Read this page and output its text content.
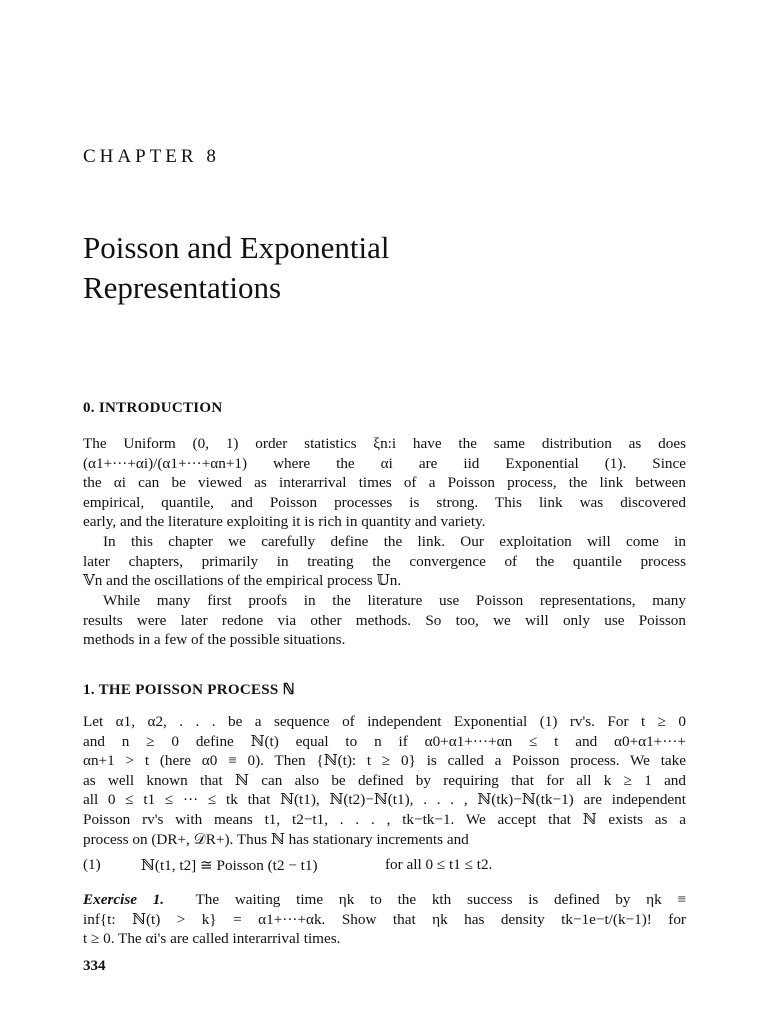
CHAPTER 8
Poisson and Exponential
Representations
0. INTRODUCTION
The Uniform (0, 1) order statistics ξn:i have the same distribution as does
(α1+···+αi)/(α1+···+αn+1) where the αi are iid Exponential (1). Since
the αi can be viewed as interarrival times of a Poisson process, the link between
empirical, quantile, and Poisson processes is strong. This link was discovered
early, and the literature exploiting it is rich in quantity and variety.
In this chapter we carefully define the link. Our exploitation will come in
later chapters, primarily in treating the convergence of the quantile process
𝕍n and the oscillations of the empirical process 𝕌n.
While many first proofs in the literature use Poisson representations, many
results were later redone via other methods. So too, we will only use Poisson
methods in a few of the possible situations.
1. THE POISSON PROCESS ℕ
Let α1, α2, . . . be a sequence of independent Exponential (1) rv's. For t ≥ 0
and n ≥ 0 define ℕ(t) equal to n if α0+α1+···+αn ≤ t and α0+α1+···+
αn+1 > t (here α0 ≡ 0). Then {ℕ(t): t ≥ 0} is called a Poisson process. We take
as well known that ℕ can also be defined by requiring that for all k ≥ 1 and
all 0 ≤ t1 ≤ ··· ≤ tk that ℕ(t1), ℕ(t2)−ℕ(t1), . . . , ℕ(tk)−ℕ(tk−1) are independent
Poisson rv's with means t1, t2−t1, . . . , tk−tk−1. We accept that ℕ exists as a
process on (DR+, 𝒟R+). Thus ℕ has stationary increments and
(1)	ℕ(t1, t2] ≅ Poisson (t2 − t1)	for all 0 ≤ t1 ≤ t2.
Exercise 1. The waiting time ηk to the kth success is defined by ηk ≡
inf{t: ℕ(t) > k} = α1+···+αk. Show that ηk has density tk−1e−t/(k−1)! for
t ≥ 0. The αi's are called interarrival times.
334
